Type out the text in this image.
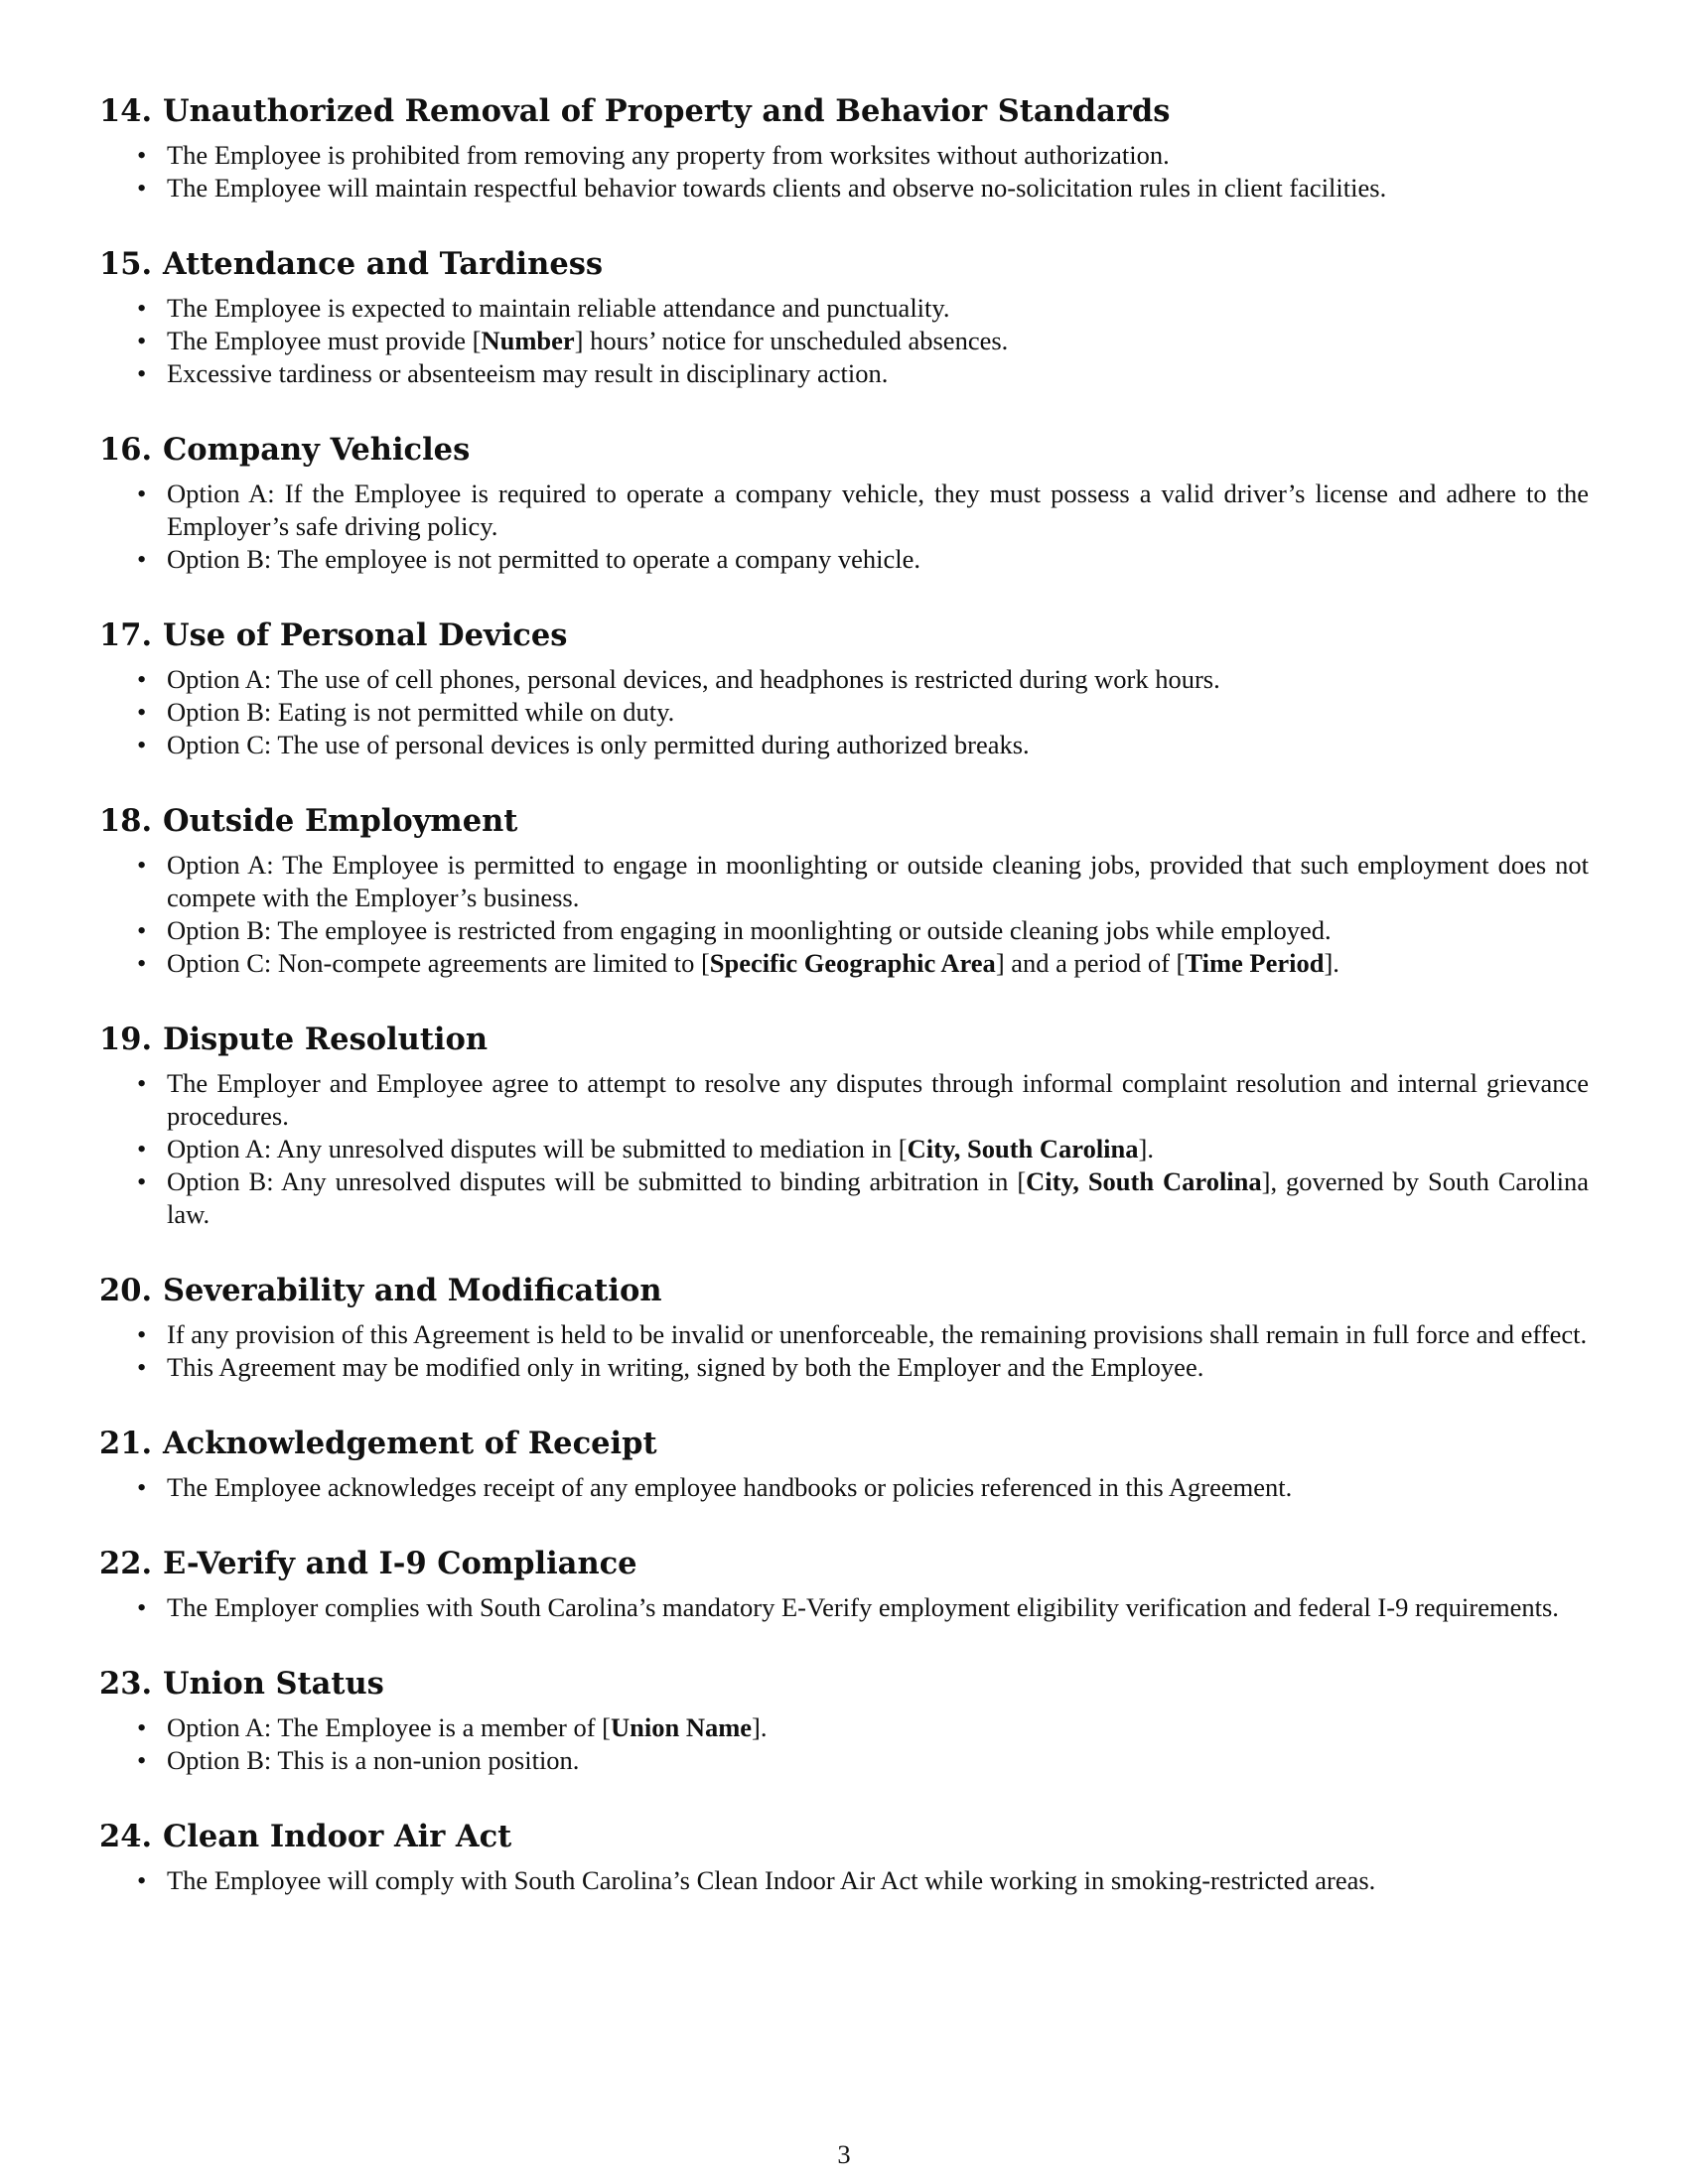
14. Unauthorized Removal of Property and Behavior Standards
• The Employee is prohibited from removing any property from worksites without authorization.
• The Employee will maintain respectful behavior towards clients and observe no-solicitation rules in client facilities.
15. Attendance and Tardiness
• The Employee is expected to maintain reliable attendance and punctuality.
• The Employee must provide [Number] hours’ notice for unscheduled absences.
• Excessive tardiness or absenteeism may result in disciplinary action.
16. Company Vehicles
• Option A: If the Employee is required to operate a company vehicle, they must possess a valid driver’s license and adhere to the Employer’s safe driving policy.
• Option B: The employee is not permitted to operate a company vehicle.
17. Use of Personal Devices
• Option A: The use of cell phones, personal devices, and headphones is restricted during work hours.
• Option B: Eating is not permitted while on duty.
• Option C: The use of personal devices is only permitted during authorized breaks.
18. Outside Employment
• Option A: The Employee is permitted to engage in moonlighting or outside cleaning jobs, provided that such employment does not compete with the Employer’s business.
• Option B: The employee is restricted from engaging in moonlighting or outside cleaning jobs while employed.
• Option C: Non-compete agreements are limited to [Specific Geographic Area] and a period of [Time Period].
19. Dispute Resolution
• The Employer and Employee agree to attempt to resolve any disputes through informal complaint resolution and internal grievance procedures.
• Option A: Any unresolved disputes will be submitted to mediation in [City, South Carolina].
• Option B: Any unresolved disputes will be submitted to binding arbitration in [City, South Carolina], governed by South Carolina law.
20. Severability and Modification
• If any provision of this Agreement is held to be invalid or unenforceable, the remaining provisions shall remain in full force and effect.
• This Agreement may be modified only in writing, signed by both the Employer and the Employee.
21. Acknowledgement of Receipt
• The Employee acknowledges receipt of any employee handbooks or policies referenced in this Agreement.
22. E-Verify and I-9 Compliance
• The Employer complies with South Carolina’s mandatory E-Verify employment eligibility verification and federal I-9 requirements.
23. Union Status
• Option A: The Employee is a member of [Union Name].
• Option B: This is a non-union position.
24. Clean Indoor Air Act
• The Employee will comply with South Carolina’s Clean Indoor Air Act while working in smoking-restricted areas.
3
